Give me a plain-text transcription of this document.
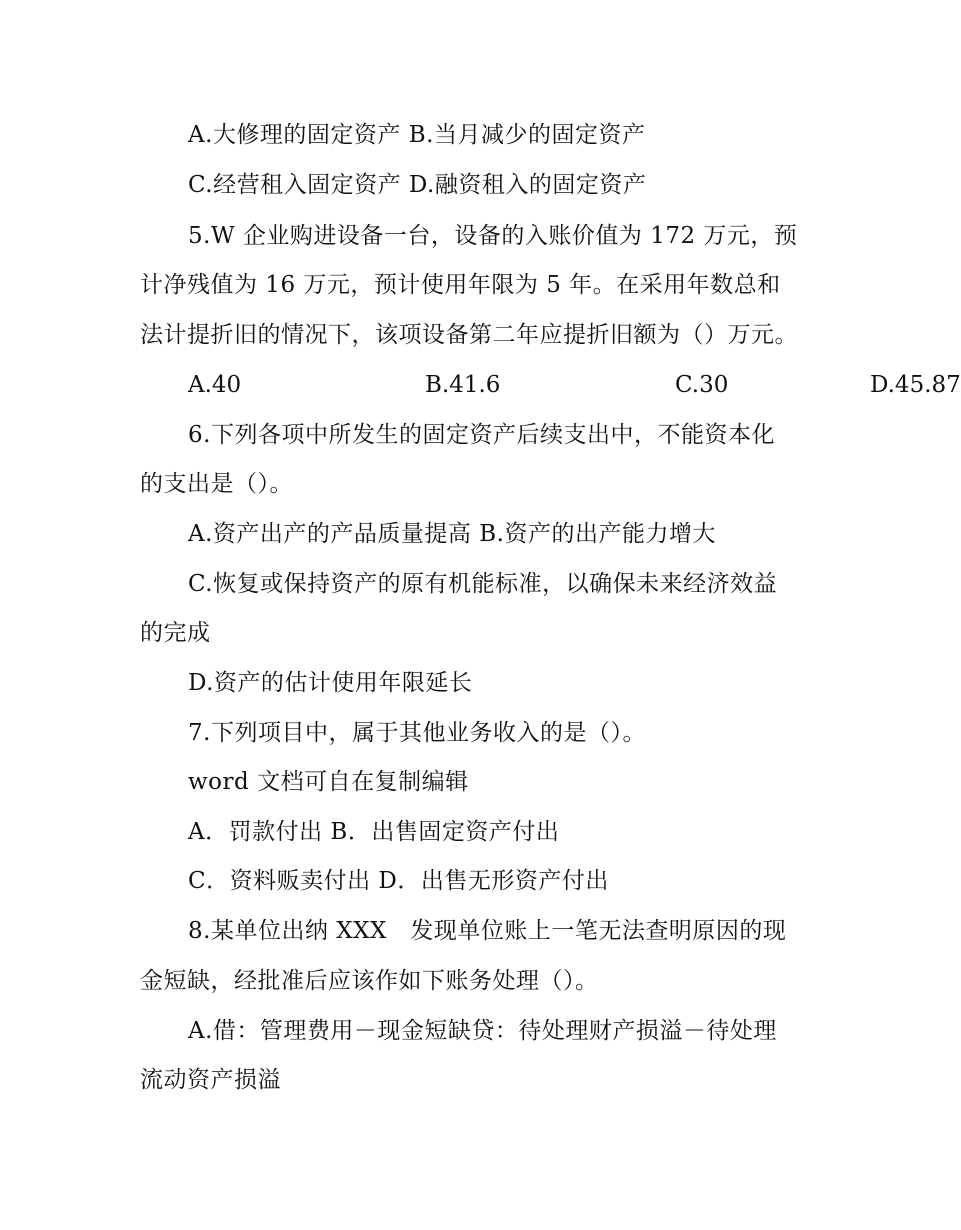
A.大修理的固定资产 B.当月减少的固定资产
C.经营租入固定资产 D.融资租入的固定资产
5.W 企业购进设备一台，设备的入账价值为 172 万元，预
计净残值为 16 万元，预计使用年限为 5 年。在采用年数总和
法计提折旧的情况下，该项设备第二年应提折旧额为（）万元。
A.40	B.41.6	C.30	D.45.87
6.下列各项中所发生的固定资产后续支出中，不能资本化
的支出是（）。
A.资产出产的产品质量提高 B.资产的出产能力增大
C.恢复或保持资产的原有机能标准，以确保未来经济效益
的完成
D.资产的估计使用年限延长
7.下列项目中，属于其他业务收入的是（）。
word 文档可自在复制编辑
A．罚款付出 B．出售固定资产付出
C．资料贩卖付出 D．出售无形资产付出
8.某单位出纳 XXX　发现单位账上一笔无法查明原因的现
金短缺，经批准后应该作如下账务处理（）。
A.借：管理费用－现金短缺贷：待处理财产损溢－待处理
流动资产损溢
